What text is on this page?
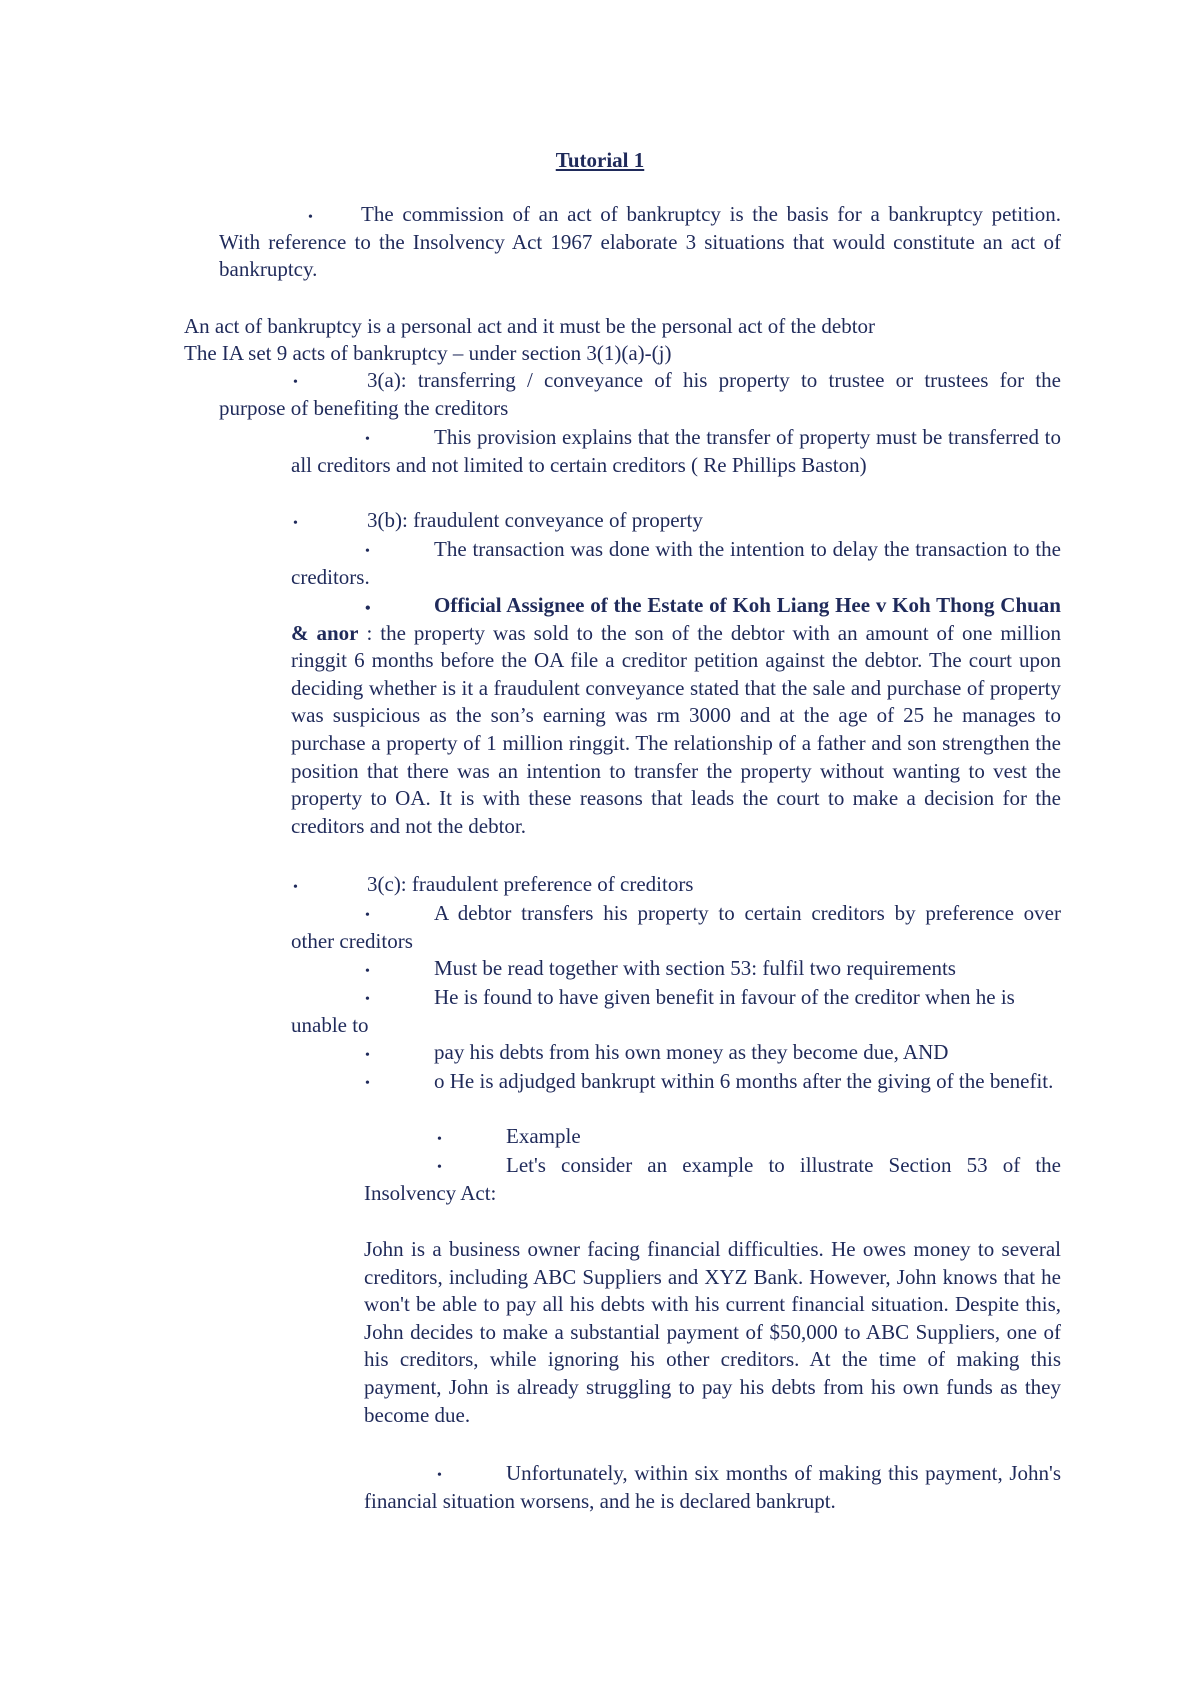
Tutorial 1
•	The commission of an act of bankruptcy is the basis for a bankruptcy petition. With reference to the Insolvency Act 1967 elaborate 3 situations that would constitute an act of bankruptcy.
An act of bankruptcy is a personal act and it must be the personal act of the debtor
The IA set 9 acts of bankruptcy – under section 3(1)(a)-(j)
•	3(a): transferring / conveyance of his property to trustee or trustees for the purpose of benefiting the creditors
•	This provision explains that the transfer of property must be transferred to all creditors and not limited to certain creditors ( Re Phillips Baston)
•	3(b): fraudulent conveyance of property
•	The transaction was done with the intention to delay the transaction to the creditors.
•	Official Assignee of the Estate of Koh Liang Hee v Koh Thong Chuan & anor : the property was sold to the son of the debtor with an amount of one million ringgit 6 months before the OA file a creditor petition against the debtor. The court upon deciding whether is it a fraudulent conveyance stated that the sale and purchase of property was suspicious as the son’s earning was rm 3000 and at the age of 25 he manages to purchase a property of 1 million ringgit. The relationship of a father and son strengthen the position that there was an intention to transfer the property without wanting to vest the property to OA. It is with these reasons that leads the court to make a decision for the creditors and not the debtor.
•	3(c): fraudulent preference of creditors
•	A debtor transfers his property to certain creditors by preference over other creditors
•	Must be read together with section 53: fulfil two requirements
•	He is found to have given benefit in favour of the creditor when he is unable to
•	pay his debts from his own money as they become due, AND
•	o He is adjudged bankrupt within 6 months after the giving of the benefit.
•	Example
•	Let's consider an example to illustrate Section 53 of the Insolvency Act:
John is a business owner facing financial difficulties. He owes money to several creditors, including ABC Suppliers and XYZ Bank. However, John knows that he won't be able to pay all his debts with his current financial situation. Despite this, John decides to make a substantial payment of $50,000 to ABC Suppliers, one of his creditors, while ignoring his other creditors. At the time of making this payment, John is already struggling to pay his debts from his own funds as they become due.
•	Unfortunately, within six months of making this payment, John's financial situation worsens, and he is declared bankrupt.
